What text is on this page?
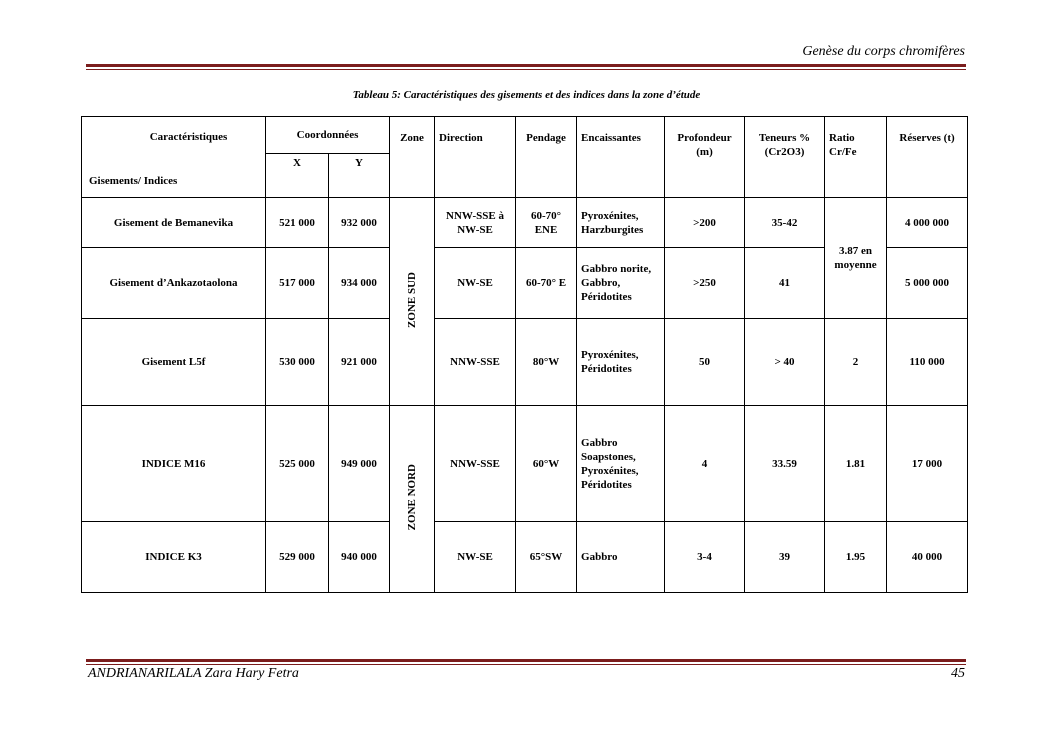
Genèse du corps chromifères
Tableau 5: Caractéristiques des gisements et des indices dans la zone d’étude
Caractéristiques
Gisements/ Indices	Coordonnées		Zone	Direction	Pendage	Encaissantes	Profondeur (m)	Teneurs % (Cr2O3)	Ratio Cr/Fe	Réserves (t)
	X	Y								
Gisement de Bemanevika	521 000	932 000	ZONE SUD	NNW-SSE à NW-SE	60-70° ENE	Pyroxénites, Harzburgites	>200	35-42	3.87 en moyenne	4 000 000
Gisement d’Ankazotaolona	517 000	934 000		NW-SE	60-70° E	Gabbro norite, Gabbro, Péridotites	>250	41		5 000 000
Gisement L5f	530 000	921 000		NNW-SSE	80°W	Pyroxénites, Péridotites	50	> 40	2	110 000
INDICE M16	525 000	949 000	ZONE NORD	NNW-SSE	60°W	Gabbro Soapstones, Pyroxénites, Péridotites	4	33.59	1.81	17 000
INDICE K3	529 000	940 000		NW-SE	65°SW	Gabbro	3-4	39	1.95	40 000
ANDRIANARILALA Zara Hary Fetra	45
